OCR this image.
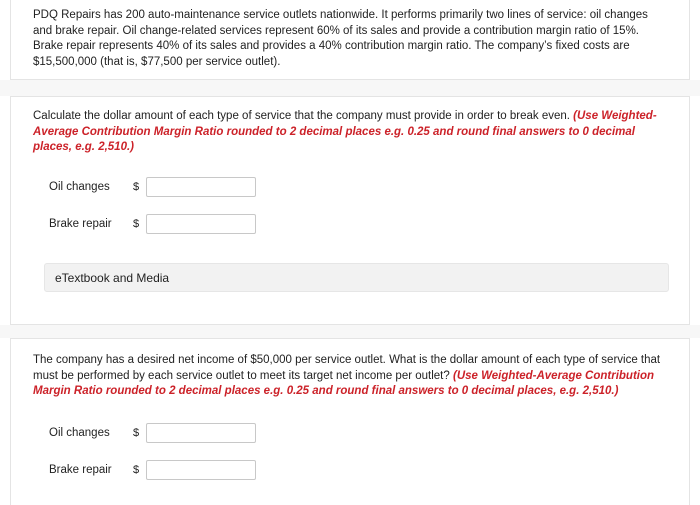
PDQ Repairs has 200 auto-maintenance service outlets nationwide. It performs primarily two lines of service: oil changes and brake repair. Oil change-related services represent 60% of its sales and provide a contribution margin ratio of 15%. Brake repair represents 40% of its sales and provides a 40% contribution margin ratio. The company’s fixed costs are $15,500,000 (that is, $77,500 per service outlet).
Calculate the dollar amount of each type of service that the company must provide in order to break even. (Use Weighted-Average Contribution Margin Ratio rounded to 2 decimal places e.g. 0.25 and round final answers to 0 decimal places, e.g. 2,510.)
Oil changes	$
Brake repair	$
eTextbook and Media
The company has a desired net income of $50,000 per service outlet. What is the dollar amount of each type of service that must be performed by each service outlet to meet its target net income per outlet? (Use Weighted-Average Contribution Margin Ratio rounded to 2 decimal places e.g. 0.25 and round final answers to 0 decimal places, e.g. 2,510.)
Oil changes	$
Brake repair	$
